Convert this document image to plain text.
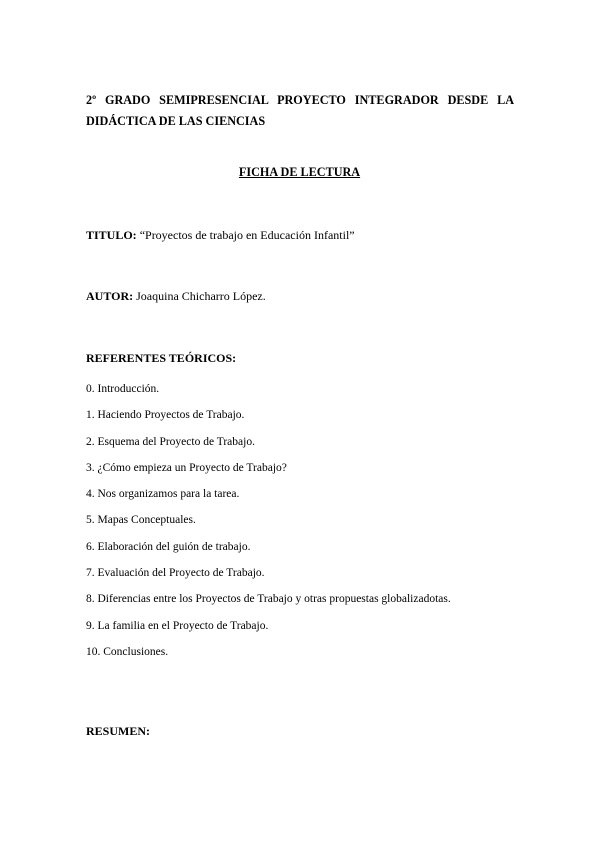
2º GRADO SEMIPRESENCIAL PROYECTO INTEGRADOR DESDE LA DIDÁCTICA DE LAS CIENCIAS

FICHA DE LECTURA

TITULO: “Proyectos de trabajo en Educación Infantil”

AUTOR: Joaquina Chicharro López.

REFERENTES TEÓRICOS:

0. Introducción.
1. Haciendo Proyectos de Trabajo.
2. Esquema del Proyecto de Trabajo.
3. ¿Cómo empieza un Proyecto de Trabajo?
4. Nos organizamos para la tarea.
5. Mapas Conceptuales.
6. Elaboración del guión de trabajo.
7. Evaluación del Proyecto de Trabajo.
8. Diferencias entre los Proyectos de Trabajo y otras propuestas globalizadotas.
9. La familia en el Proyecto de Trabajo.
10. Conclusiones.

RESUMEN:
